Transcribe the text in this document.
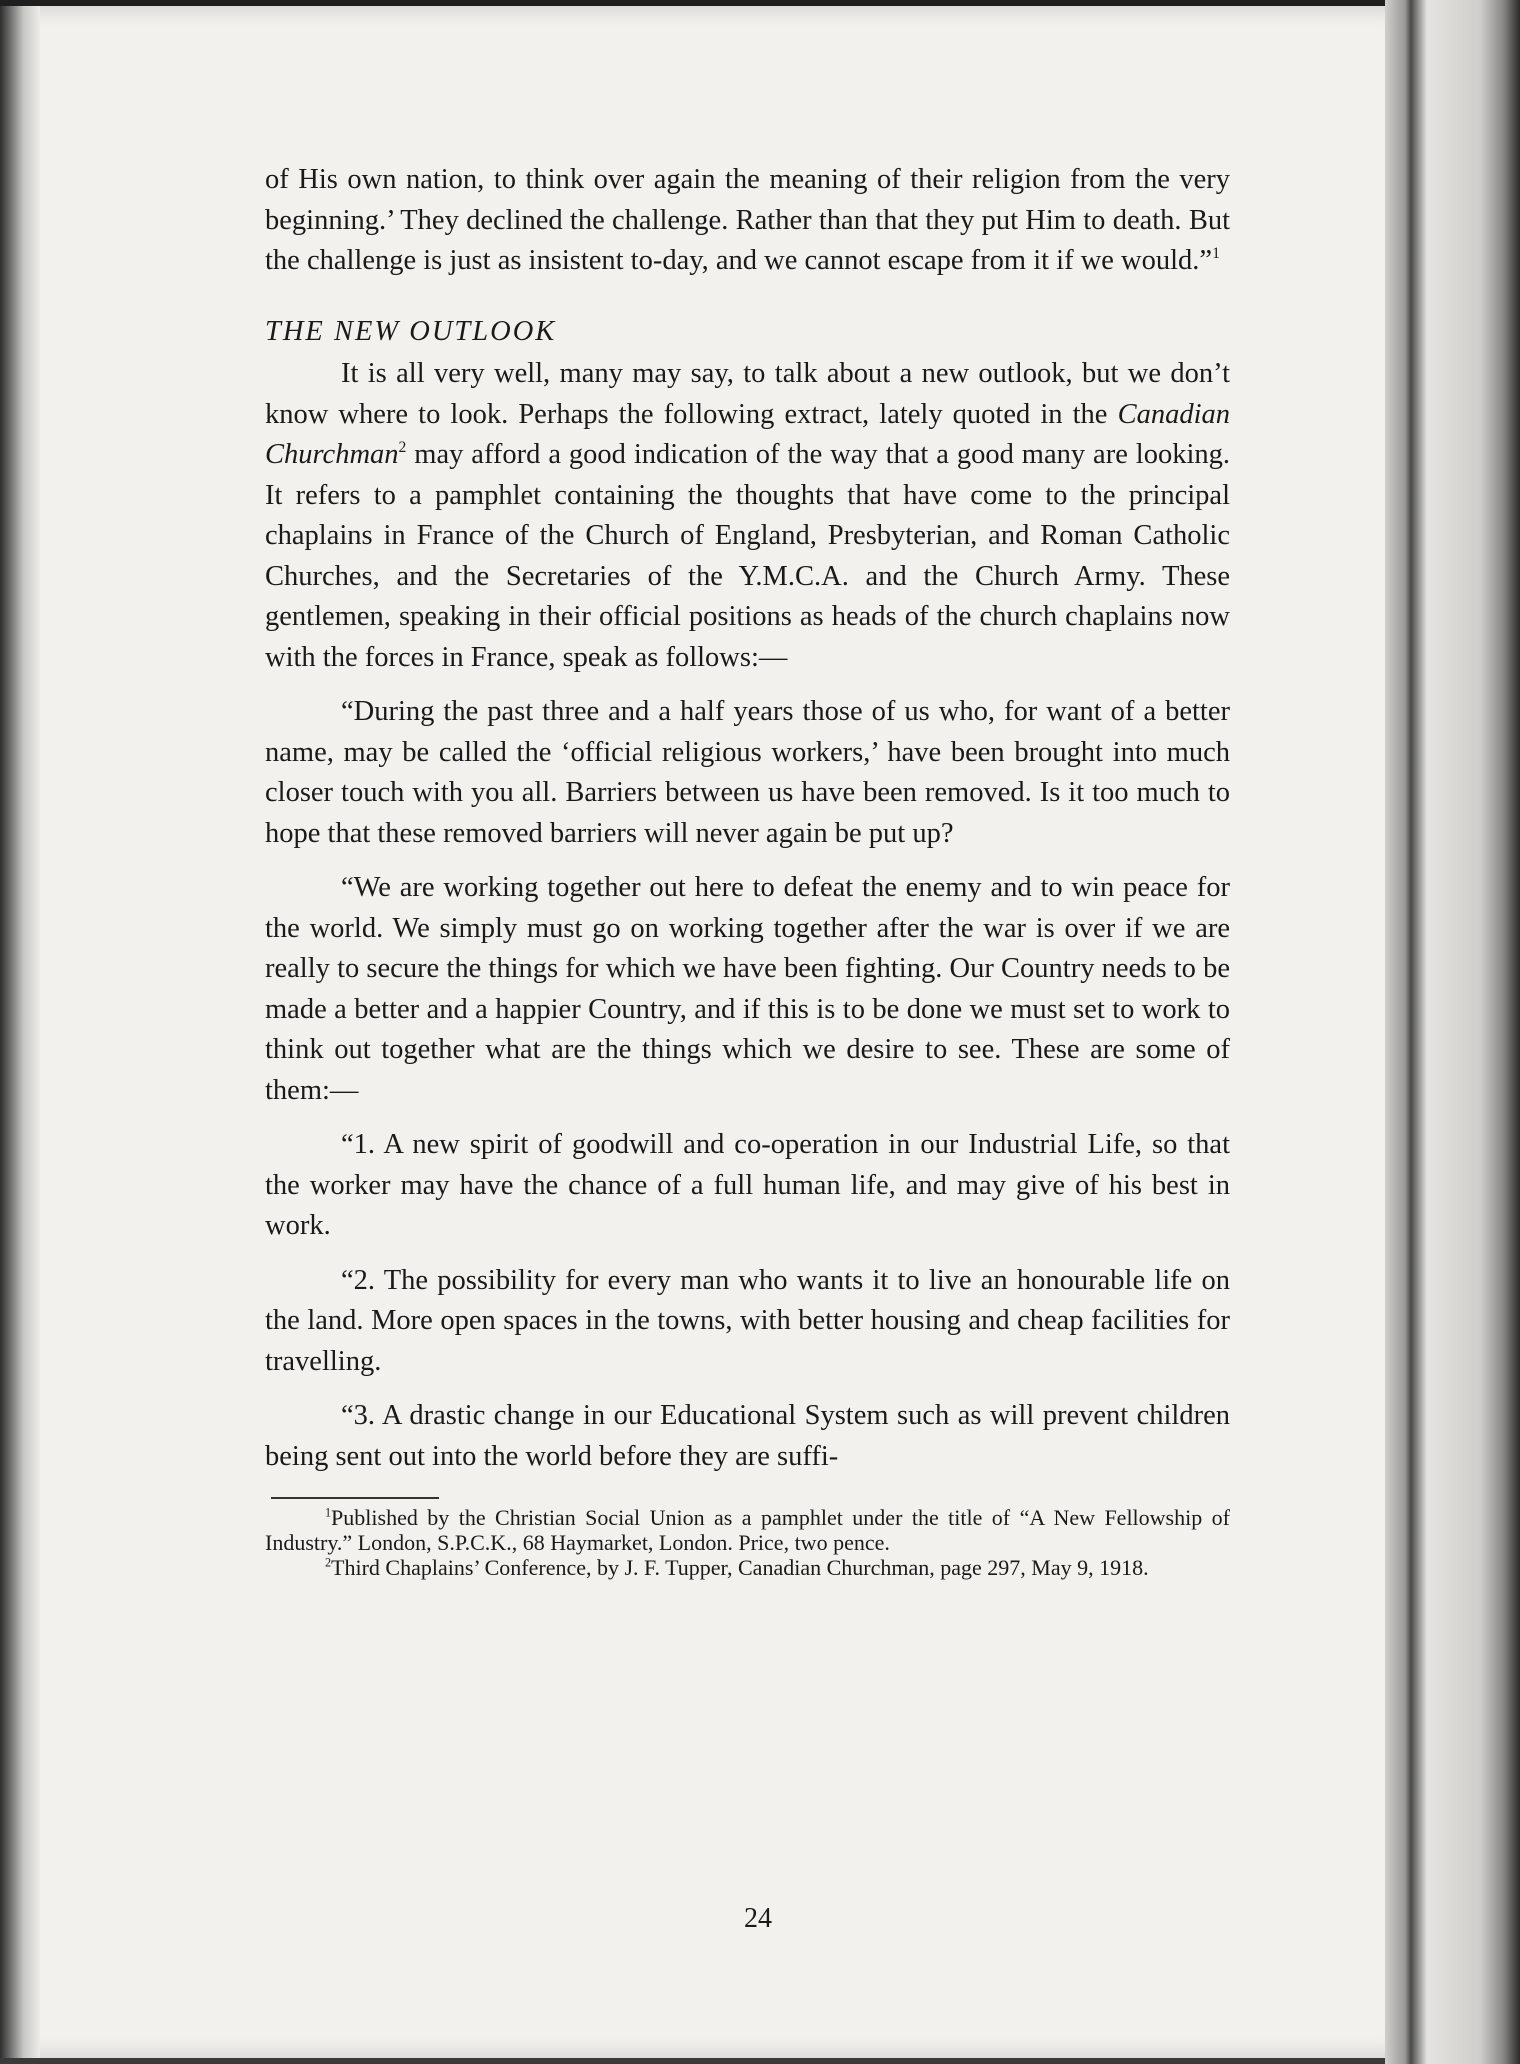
of His own nation, to think over again the meaning of their religion from the very beginning.’ They declined the challenge. Rather than that they put Him to death. But the challenge is just as insistent to-day, and we cannot escape from it if we would.”$^1$

THE NEW OUTLOOK

It is all very well, many may say, to talk about a new outlook, but we don’t know where to look. Perhaps the following extract, lately quoted in the Canadian Churchman$^2$ may afford a good indication of the way that a good many are looking. It refers to a pamphlet containing the thoughts that have come to the principal chaplains in France of the Church of England, Presbyterian, and Roman Catholic Churches, and the Secretaries of the Y.M.C.A. and the Church Army. These gentlemen, speaking in their official positions as heads of the church chaplains now with the forces in France, speak as follows:—

“During the past three and a half years those of us who, for want of a better name, may be called the ‘official religious workers,’ have been brought into much closer touch with you all. Barriers between us have been removed. Is it too much to hope that these removed barriers will never again be put up?

“We are working together out here to defeat the enemy and to win peace for the world. We simply must go on working together after the war is over if we are really to secure the things for which we have been fighting. Our Country needs to be made a better and a happier Country, and if this is to be done we must set to work to think out together what are the things which we desire to see. These are some of them:—

“1. A new spirit of goodwill and co-operation in our Industrial Life, so that the worker may have the chance of a full human life, and may give of his best in work.

“2. The possibility for every man who wants it to live an honourable life on the land. More open spaces in the towns, with better housing and cheap facilities for travelling.

“3. A drastic change in our Educational System such as will prevent children being sent out into the world before they are suffi-

$^1$Published by the Christian Social Union as a pamphlet under the title of “A New Fellowship of Industry.” London, S.P.C.K., 68 Haymarket, London. Price, two pence.

$^2$Third Chaplains’ Conference, by J. F. Tupper, Canadian Churchman, page 297, May 9, 1918.

24
